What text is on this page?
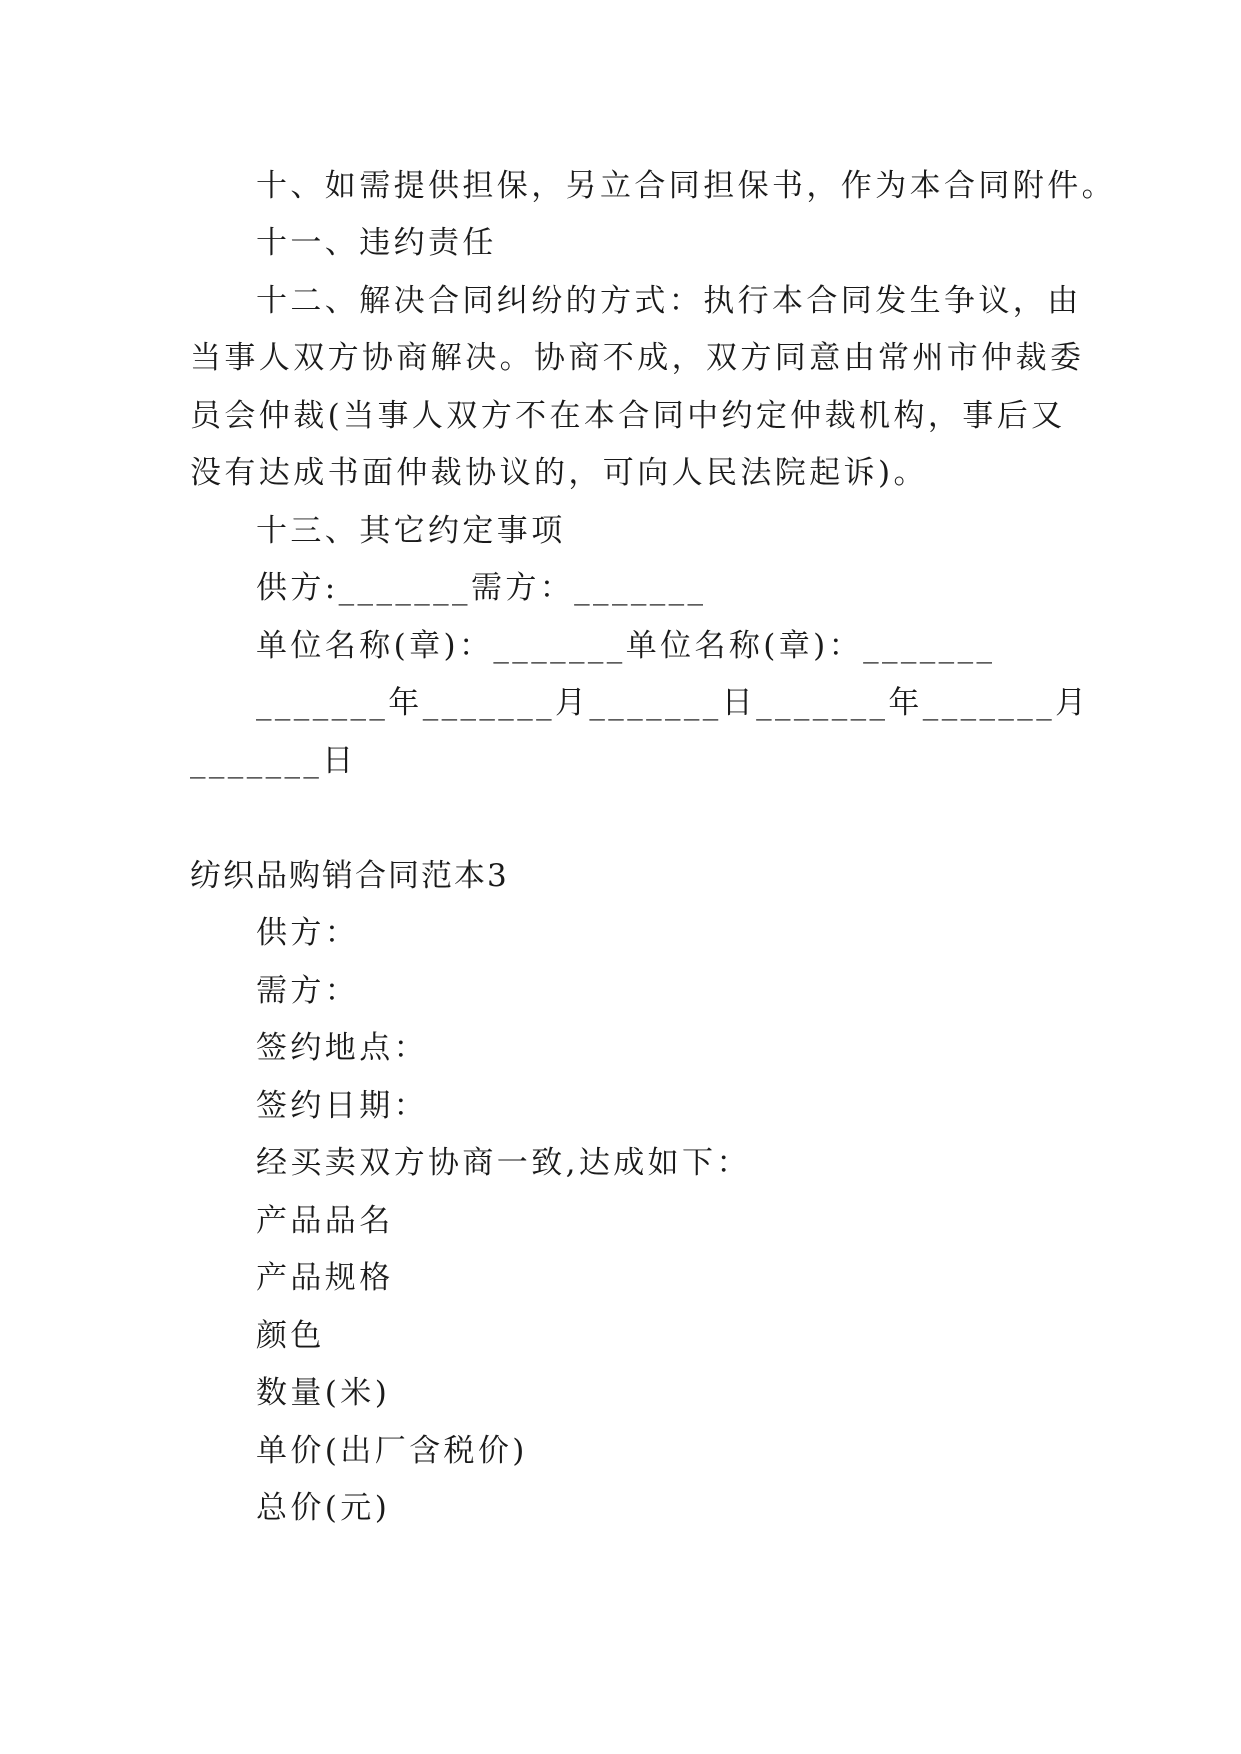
十、如需提供担保，另立合同担保书，作为本合同附件。
十一、违约责任
十二、解决合同纠纷的方式：执行本合同发生争议，由
当事人双方协商解决。协商不成，双方同意由常州市仲裁委
员会仲裁(当事人双方不在本合同中约定仲裁机构，事后又
没有达成书面仲裁协议的，可向人民法院起诉)。
十三、其它约定事项
供方:_______需方：_______
单位名称(章)：_______单位名称(章)：_______
_______年_______月_______日_______年_______月
_______日
纺织品购销合同范本3
供方：
需方：
签约地点：
签约日期：
经买卖双方协商一致,达成如下：
产品品名
产品规格
颜色
数量(米)
单价(出厂含税价)
总价(元)
